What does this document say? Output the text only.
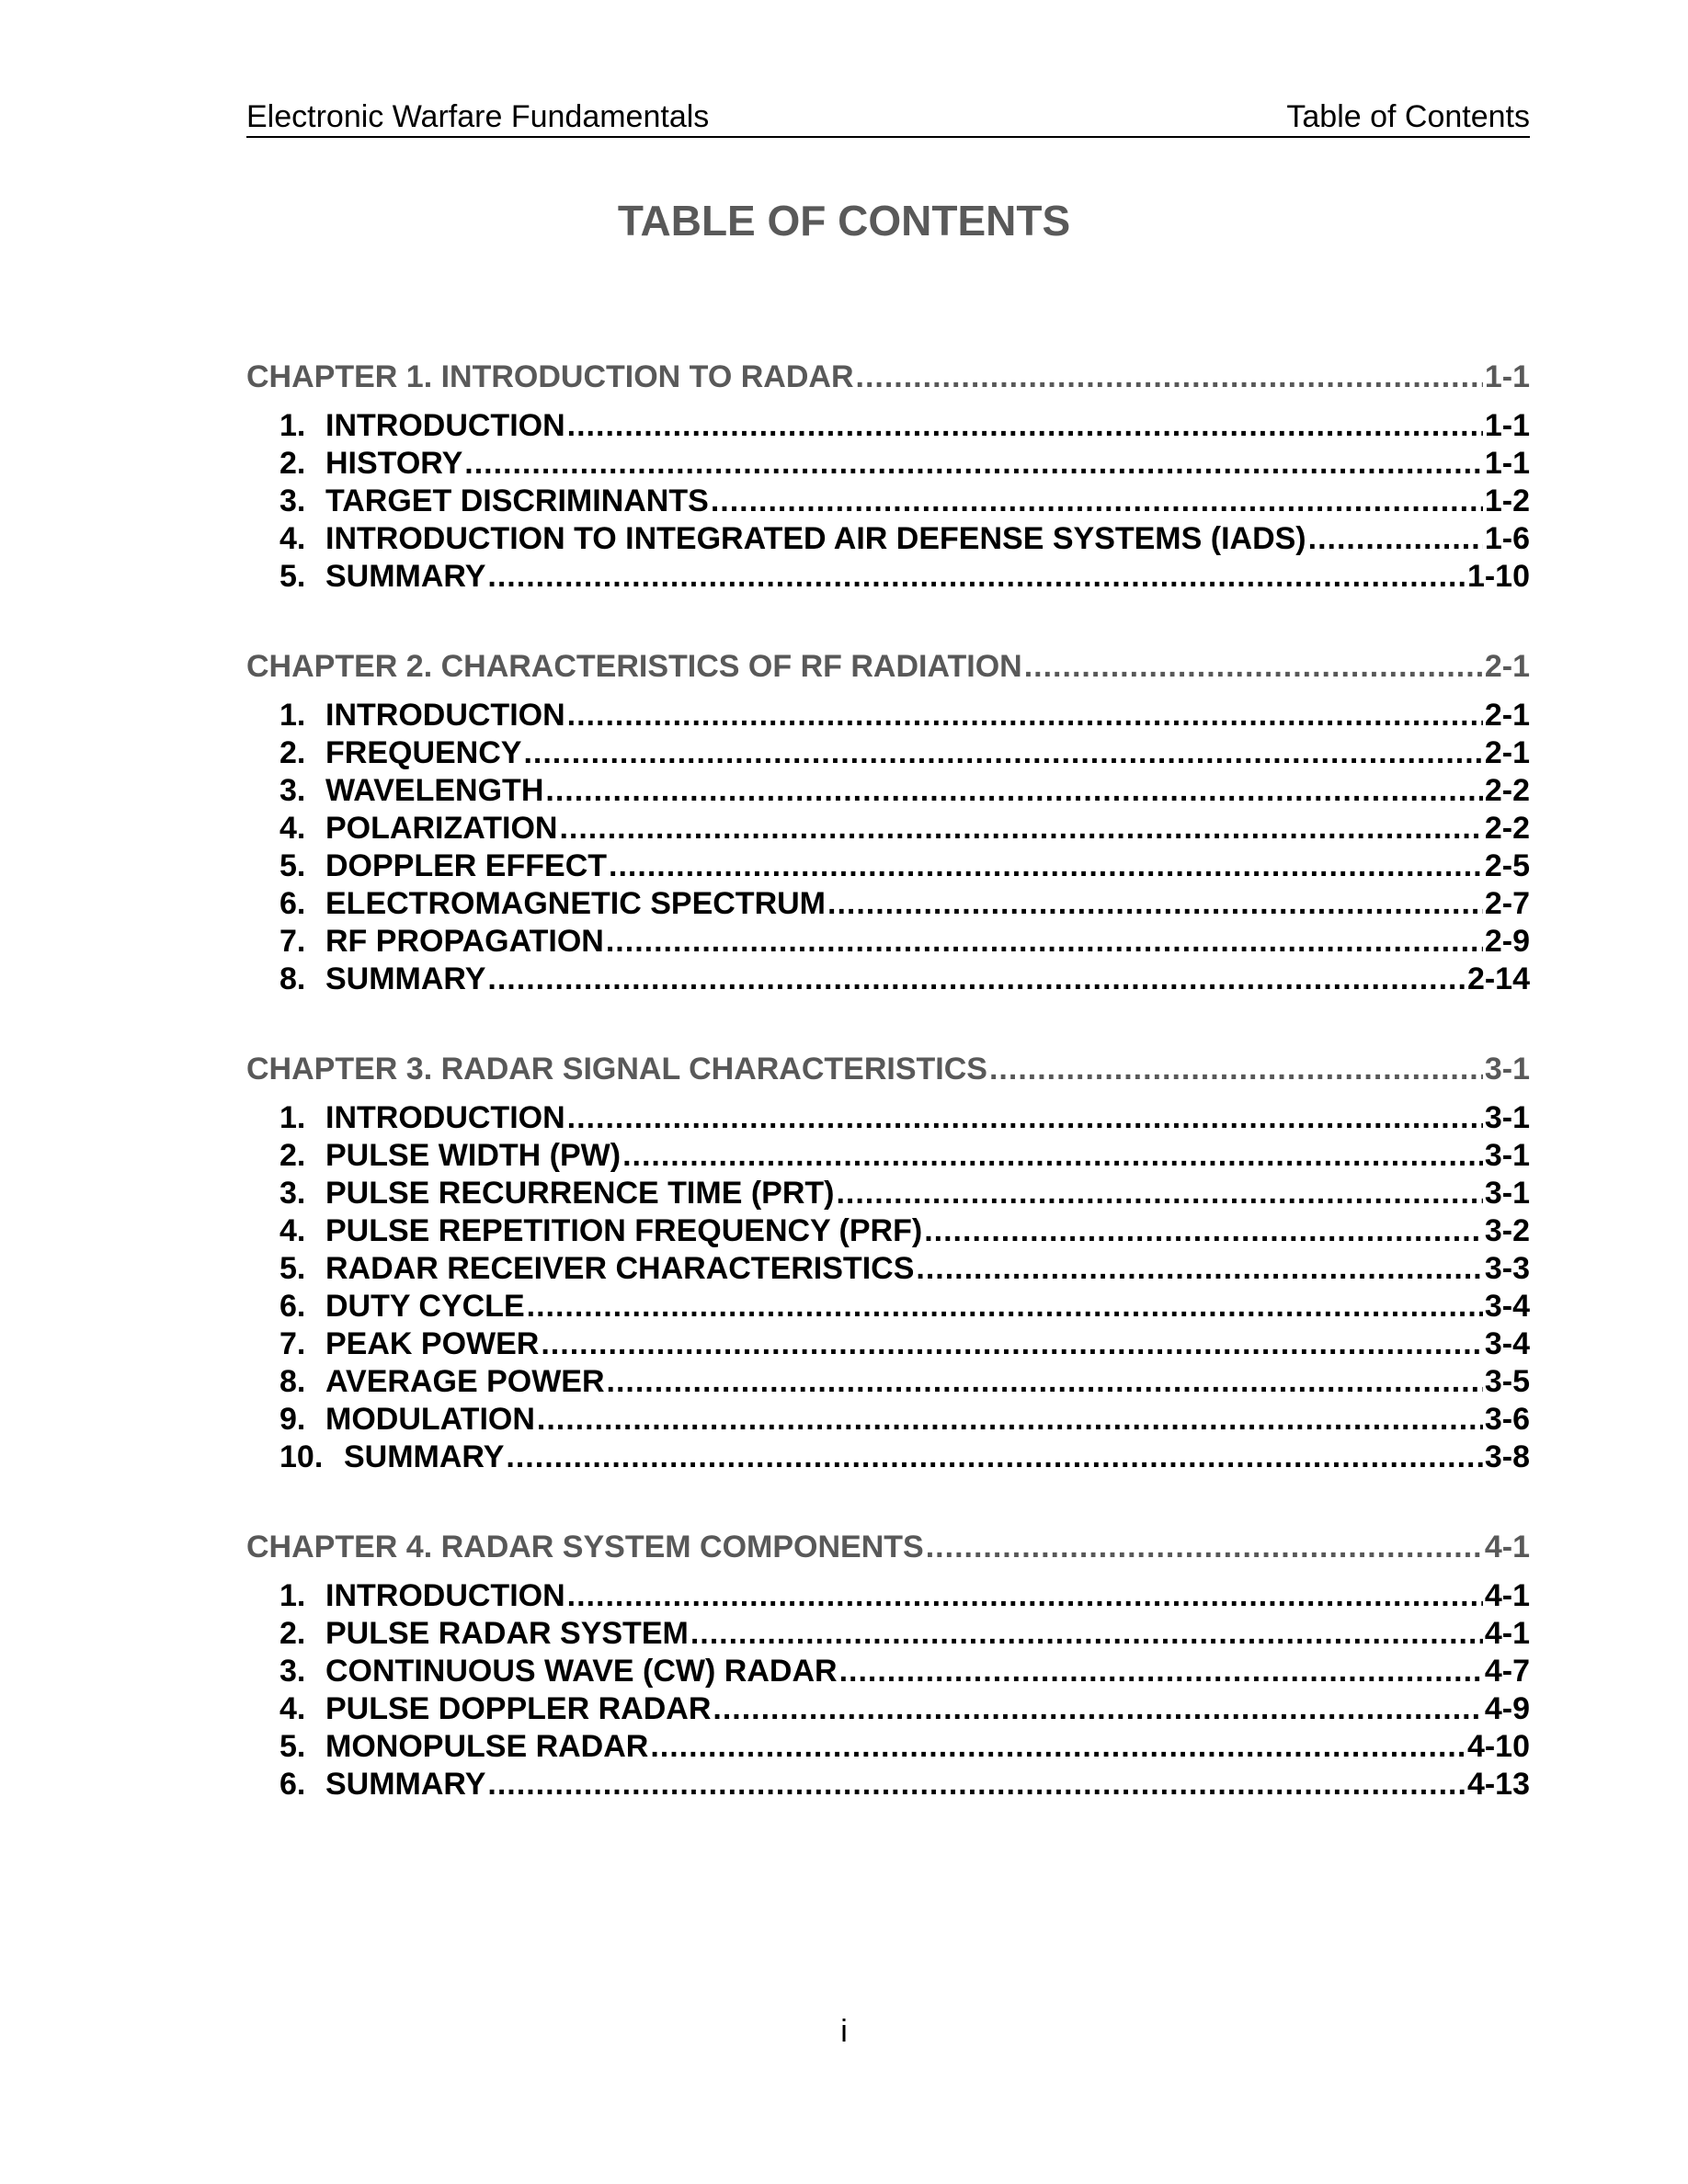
Electronic Warfare Fundamentals	Table of Contents
TABLE OF CONTENTS
CHAPTER 1. INTRODUCTION TO RADAR .....	1-1
1. INTRODUCTION .....	1-1
2. HISTORY .....	1-1
3. TARGET DISCRIMINANTS .....	1-2
4. INTRODUCTION TO INTEGRATED AIR DEFENSE SYSTEMS (IADS) .....	1-6
5. SUMMARY .....	1-10
CHAPTER 2. CHARACTERISTICS OF RF RADIATION .....	2-1
1. INTRODUCTION .....	2-1
2. FREQUENCY .....	2-1
3. WAVELENGTH .....	2-2
4. POLARIZATION .....	2-2
5. DOPPLER EFFECT .....	2-5
6. ELECTROMAGNETIC SPECTRUM .....	2-7
7. RF PROPAGATION .....	2-9
8. SUMMARY .....	2-14
CHAPTER 3. RADAR SIGNAL CHARACTERISTICS .....	3-1
1. INTRODUCTION .....	3-1
2. PULSE WIDTH (PW) .....	3-1
3. PULSE RECURRENCE TIME (PRT) .....	3-1
4. PULSE REPETITION FREQUENCY (PRF) .....	3-2
5. RADAR RECEIVER CHARACTERISTICS .....	3-3
6. DUTY CYCLE .....	3-4
7. PEAK POWER .....	3-4
8. AVERAGE POWER .....	3-5
9. MODULATION .....	3-6
10. SUMMARY .....	3-8
CHAPTER 4. RADAR SYSTEM COMPONENTS .....	4-1
1. INTRODUCTION .....	4-1
2. PULSE RADAR SYSTEM .....	4-1
3. CONTINUOUS WAVE (CW) RADAR .....	4-7
4. PULSE DOPPLER RADAR .....	4-9
5. MONOPULSE RADAR .....	4-10
6. SUMMARY .....	4-13
i
